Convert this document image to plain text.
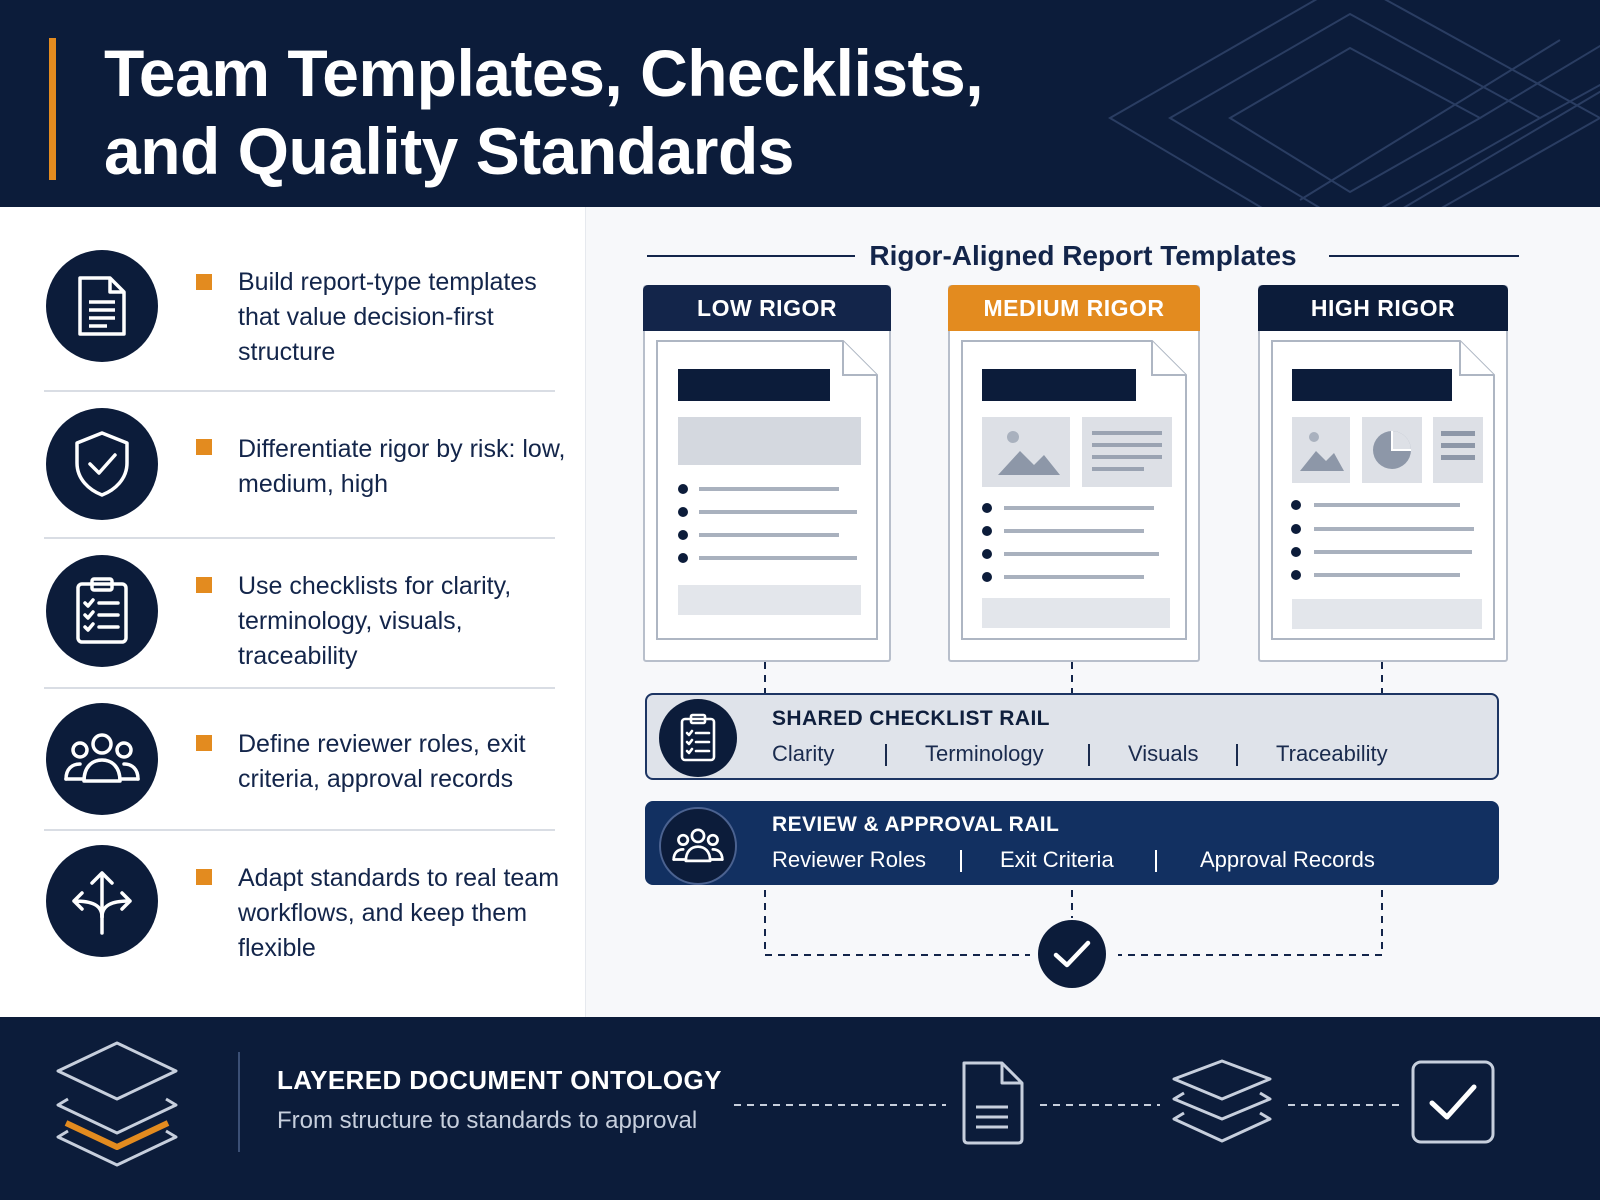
Team Templates, Checklists,
and Quality Standards
Build report-type templates that value decision-first structure
Differentiate rigor by risk: low, medium, high
Use checklists for clarity, terminology, visuals, traceability
Define reviewer roles, exit criteria, approval records
Adapt standards to real team workflows, and keep them flexible
Rigor-Aligned Report Templates
LOW RIGOR	MEDIUM RIGOR	HIGH RIGOR
SHARED CHECKLIST RAIL
Clarity	Terminology	Visuals	Traceability
REVIEW & APPROVAL RAIL
Reviewer Roles	Exit Criteria	Approval Records
LAYERED DOCUMENT ONTOLOGY
From structure to standards to approval
